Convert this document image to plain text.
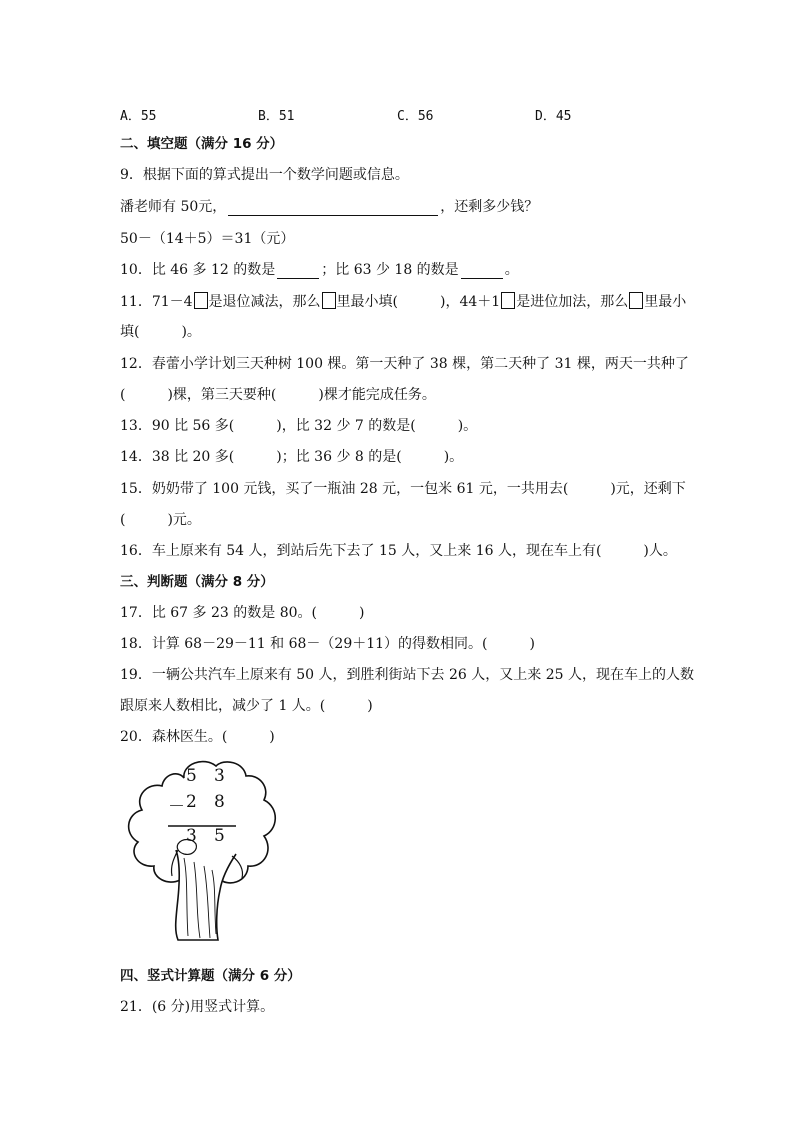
A．55	B．51	C．56	D．45
二、填空题（满分 16 分）
9．根据下面的算式提出一个数学问题或信息。
潘老师有 50元，	，还剩多少钱？
50－（14＋5）＝31（元）
10．比 46 多 12 的数是	；比 63 少 18 的数是	。
11．71－4 是退位减法，那么 里最小填(	)，44＋1 是进位加法，那么 里最小
填(	)。
12．春蕾小学计划三天种树 100 棵。第一天种了 38 棵，第二天种了 31 棵，两天一共种了
(	)棵，第三天要种(	)棵才能完成任务。
13．90 比 56 多(	)，比 32 少 7 的数是(	)。
14．38 比 20 多(	)；比 36 少 8 的是(	)。
15．奶奶带了 100 元钱，买了一瓶油 28 元，一包米 61 元，一共用去(	)元，还剩下
(	)元。
16．车上原来有 54 人，到站后先下去了 15 人，又上来 16 人，现在车上有(	)人。
三、判断题（满分 8 分）
17．比 67 多 23 的数是 80。(	)
18．计算 68－29－11 和 68－（29＋11）的得数相同。(	)
19．一辆公共汽车上原来有 50 人，到胜利街站下去 26 人，又上来 25 人，现在车上的人数
跟原来人数相比，减少了 1 人。(	)
20．森林医生。(	)
5 3
－ 2 8
3 5
四、竖式计算题（满分 6 分）
21．(6 分)用竖式计算。
